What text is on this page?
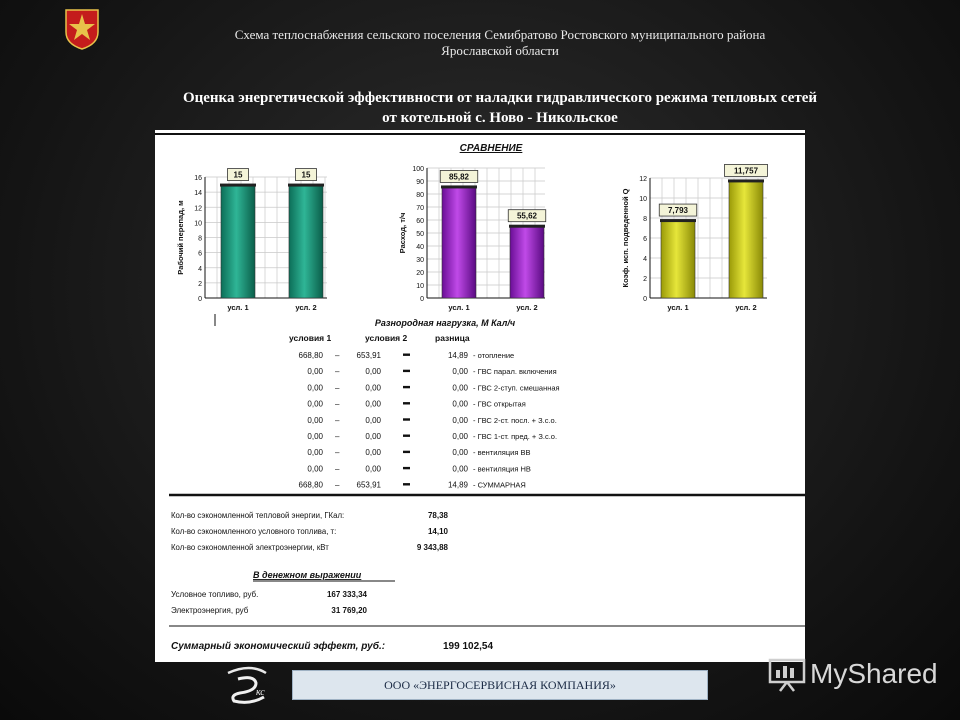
Схема теплоснабжения сельского поселения Семибратово Ростовского муниципального района
Ярославской области
Оценка энергетической эффективности от наладки гидравлического режима тепловых сетей
от котельной с. Ново - Никольское
0
2
4
6
8
10
12
14
16
Рабочий перепад, м
15
усл. 1
15
усл. 2
0
10
20
30
40
50
60
70
80
90
100
Расход, т/ч
85,82
усл. 1
55,62
усл. 2
0
2
4
6
8
10
12
Коэф. исп. подведенной Q	7,793
усл. 1
11,757
усл. 2
СРАВНЕНИЕ
Разнородная нагрузка, М Кал/ч
условия 1	условия 2	разница
668,80 – 653,91	14,89 - отопление
0,00 –	0,00	0,00 - ГВС парал. включения
0,00 –	0,00	0,00 - ГВС 2-ступ. смешанная
0,00 –	0,00	0,00 - ГВС открытая
0,00 –	0,00	0,00 - ГВС 2-ст. посл. + З.с.о.
0,00 –	0,00	0,00 - ГВС 1-ст. пред. + З.с.о.
0,00 –	0,00	0,00 - вентиляция ВВ
0,00 –	0,00	0,00 - вентиляция НВ
668,80 – 653,91	14,89 - СУММАРНАЯ
Кол-во сэкономленной тепловой энергии, ГКал:	78,38
Кол-во сэкономленного условного топлива, т:	14,10
Кол-во сэкономленной электроэнергии, кВт	9 343,88
В денежном выражении
Условное топливо, руб.	167 333,34
Электроэнергия, руб	31 769,20
Суммарный экономический эффект, руб.:	199 102,54
кс
ООО «ЭНЕРГОСЕРВИСНАЯ КОМПАНИЯ»	MyShared
